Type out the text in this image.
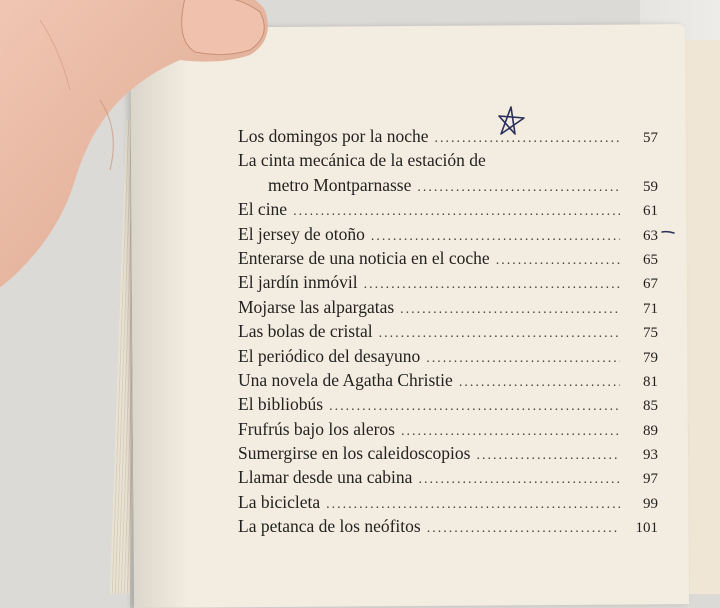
Los domingos por la noche .....	57
La cinta mecánica de la estación de
metro Montparnasse .....	59
El cine .....	61
El jersey de otoño .....	63
Enterarse de una noticia en el coche .....	65
El jardín inmóvil .....	67
Mojarse las alpargatas .....	71
Las bolas de cristal .....	75
El periódico del desayuno .....	79
Una novela de Agatha Christie .....	81
El bibliobús .....	85
Frufrús bajo los aleros .....	89
Sumergirse en los caleidoscopios .....	93
Llamar desde una cabina .....	97
La bicicleta .....	99
La petanca de los neófitos .....	101
